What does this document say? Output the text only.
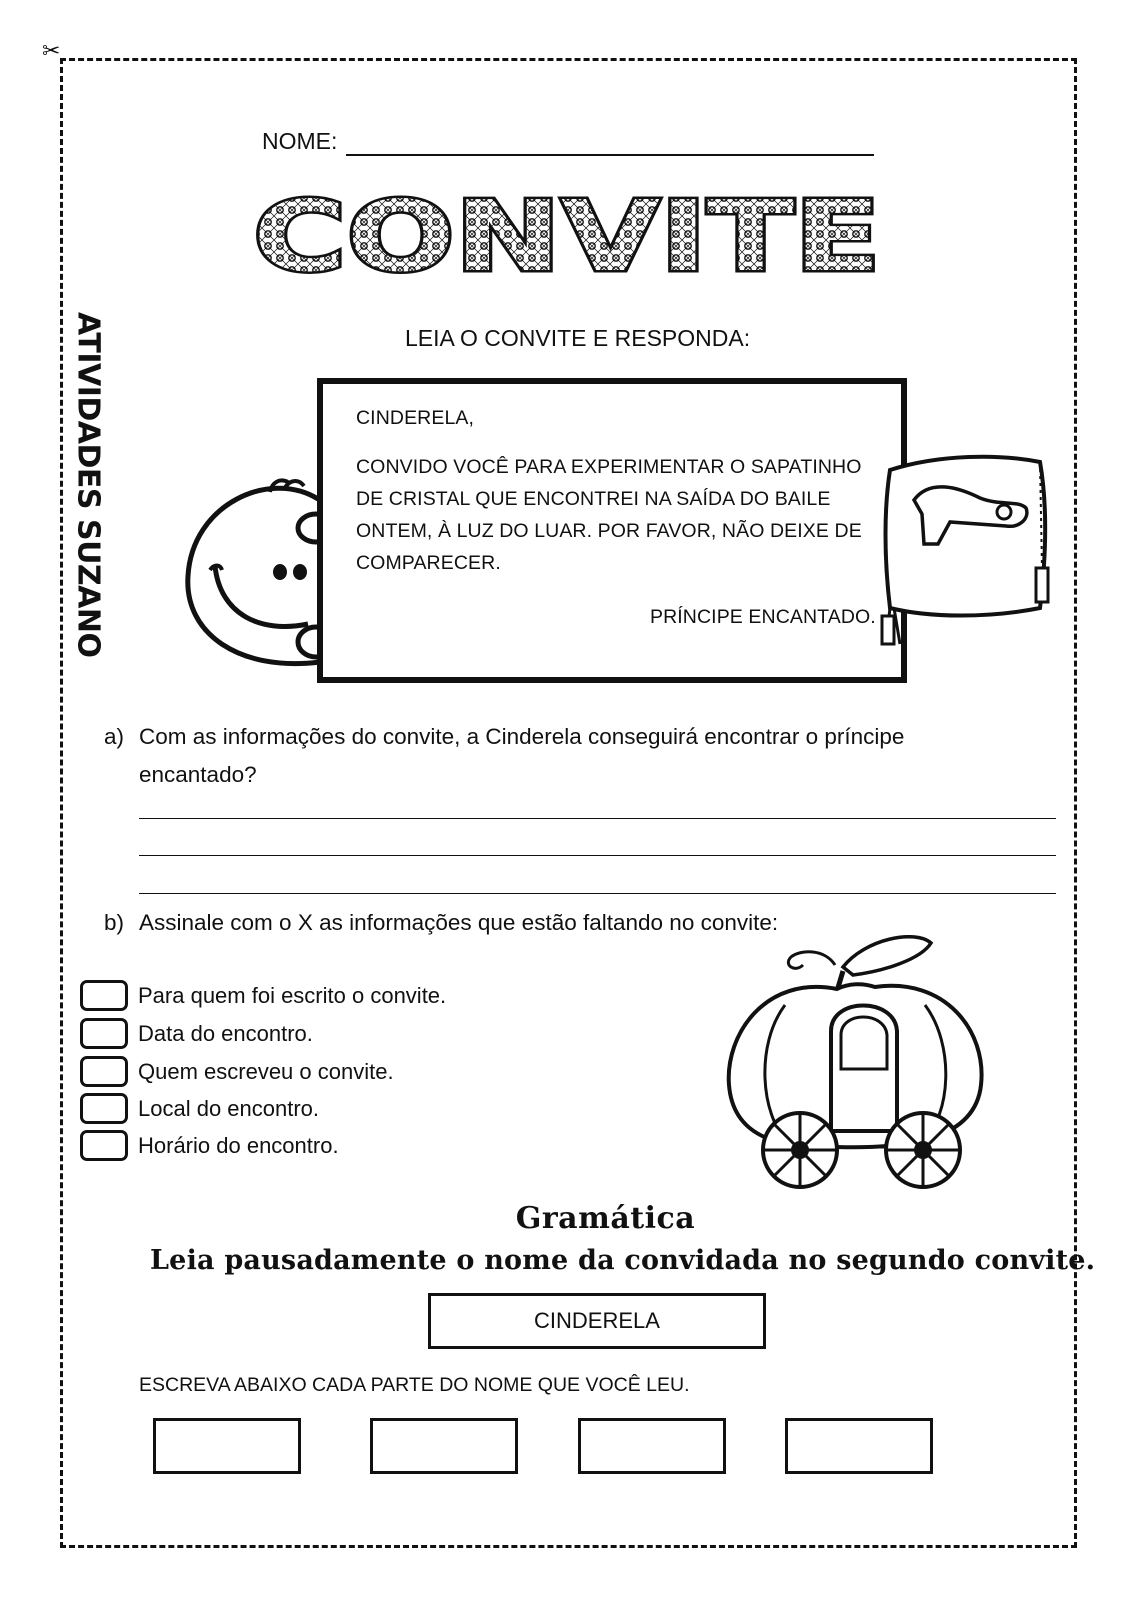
✂
ATIVIDADES SUZANO
NOME:
CONVITE
LEIA O CONVITE E RESPONDA:
CINDERELA,
CONVIDO VOCÊ PARA EXPERIMENTAR O SAPATINHO DE CRISTAL QUE ENCONTREI NA SAÍDA DO BAILE ONTEM, À LUZ DO LUAR. POR FAVOR, NÃO DEIXE DE COMPARECER.
PRÍNCIPE ENCANTADO.
a) Com as informações do convite, a Cinderela conseguirá encontrar o príncipe encantado?
b) Assinale com o X as informações que estão faltando no convite:
Para quem foi escrito o convite.
Data do encontro.
Quem escreveu o convite.
Local do encontro.
Horário do encontro.
Gramática
Leia pausadamente o nome da convidada no segundo convite.
CINDERELA
ESCREVA ABAIXO CADA PARTE DO NOME QUE VOCÊ LEU.
